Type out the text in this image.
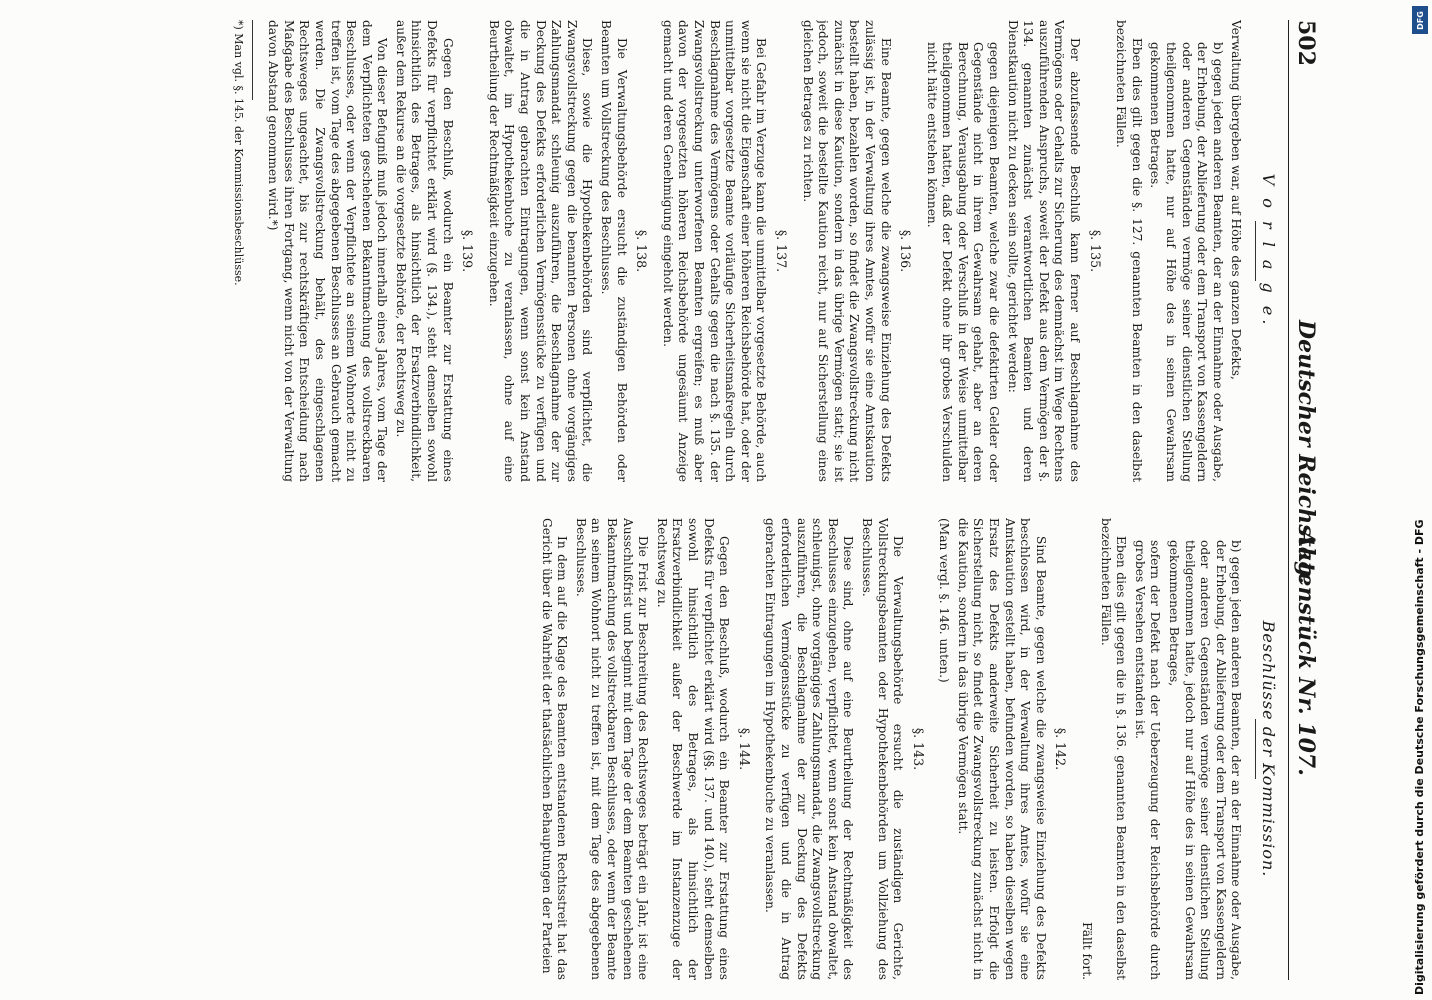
502
Deutscher Reichstag.
Aktenstück Nr. 107.
V o r l a g e.

Verwaltung übergeben war, auf Höhe des ganzen Defekts,

b) gegen jeden anderen Beamten, der an der Einnahme oder Ausgabe, der Erhebung, der Ablieferung oder dem Transport von Kassengeldern oder anderen Gegenständen vermöge seiner dienstlichen Stellung theilgenommen hatte, nur auf Höhe des in seinen Gewahrsam gekommenen Betrages.

Eben dies gilt gegen die §. 127. genannten Beamten in den daselbst bezeichneten Fällen.

§. 135.

Der abzufassende Beschluß kann ferner auf Beschlagnahme des Vermögens oder Gehalts zur Sicherung des demnächst im Wege Rechtens auszuführenden Anspruchs, soweit der Defekt aus dem Vermögen der §. 134. genannten zunächst verantwortlichen Beamten und deren Dienstkaution nicht zu decken sein sollte, gerichtet werden:

gegen diejenigen Beamten, welche zwar die defektirten Gelder oder Gegenstände nicht in ihrem Gewahrsam gehabt, aber an deren Berechnung, Verausgabung oder Verschluß in der Weise unmittelbar theilgenommen hatten, daß der Defekt ohne ihr grobes Verschulden nicht hätte entstehen können.

§. 136.

Eine Beamte, gegen welche die zwangsweise Einziehung des Defekts zulässig ist, in der Verwaltung ihres Amtes, wofür sie eine Amtskaution bestellt haben, bezahlen worden, so findet die Zwangsvollstreckung nicht zunächst in diese Kaution, sondern in das übrige Vermögen statt; sie ist jedoch, soweit die bestellte Kaution reicht, nur auf Sicherstellung eines gleichen Betrages zu richten.

§. 137.

Bei Gefahr im Verzuge kann die unmittelbar vorgesetzte Behörde, auch wenn sie nicht die Eigenschaft einer höheren Reichsbehörde hat, oder der unmittelbar vorgesetzte Beamte vorläufige Sicherheitsmaßregeln durch Beschlagnahme des Vermögens oder Gehalts gegen die nach §. 135. der Zwangsvollstreckung unterworfenen Beamten ergreifen; es muß aber davon der vorgesetzten höheren Reichsbehörde ungesäumt Anzeige gemacht und deren Genehmigung eingeholt werden.

§. 138.

Die Verwaltungsbehörde ersucht die zuständigen Behörden oder Beamten um Vollstreckung des Beschlusses.

Diese, sowie die Hypothekenbehörden sind verpflichtet, die Zwangsvollstreckung gegen die benannten Personen ohne vorgängiges Zahlungsmandat schleunig auszuführen, die Beschlagnahme der zur Deckung des Defekts erforderlichen Vermögensstücke zu verfügen und die in Antrag gebrachten Eintragungen, wenn sonst kein Anstand obwaltet, im Hypothekenbuche zu veranlassen, ohne auf eine Beurtheilung der Rechtmäßigkeit einzugehen.

§. 139.

Gegen den Beschluß, wodurch ein Beamter zur Erstattung eines Defekts für verpflichtet erklärt wird (§. 134.), steht demselben sowohl hinsichtlich des Betrages, als hinsichtlich der Ersatzverbindlichkeit, außer dem Rekurse an die vorgesetzte Behörde, der Rechtsweg zu.

Von dieser Befugniß muß jedoch innerhalb eines Jahres, vom Tage der dem Verpflichteten geschehenen Bekanntmachung des vollstreckbaren Beschlusses, oder wenn der Verpflichtete an seinem Wohnorte nicht zu treffen ist, vom Tage des abgegebenen Beschlusses an Gebrauch gemacht werden. Die Zwangsvollstreckung behält, des eingeschlagenen Rechtsweges ungeachtet, bis zur rechtskräftigen Entscheidung nach Maßgabe des Beschlusses ihren Fortgang, wenn nicht von der Verwaltung davon Abstand genommen wird.*)

*) Man vgl. §. 145. der Kommissionsbeschlüsse.

Beschlüsse der Kommission.

b) gegen jeden anderen Beamten, der an der Einnahme oder Ausgabe, der Erhebung, der Ablieferung oder dem Transport von Kassengeldern oder anderen Gegenständen vermöge seiner dienstlichen Stellung theilgenommen hatte, jedoch nur auf Höhe des in seinen Gewahrsam gekommenen Betrages,

sofern der Defekt nach der Ueberzeugung der Reichsbehörde durch grobes Versehen entstanden ist.

Eben dies gilt gegen die in §. 136. genannten Beamten in den daselbst bezeichneten Fällen.

Fällt fort.

§. 142.

Sind Beamte, gegen welche die zwangsweise Einziehung des Defekts beschlossen wird, in der Verwaltung ihres Amtes, wofür sie eine Amtskaution gestellt haben, befunden worden, so haben dieselben wegen Ersatz des Defekts anderweite Sicherheit zu leisten. Erfolgt die Sicherstellung nicht, so findet die Zwangsvollstreckung zunächst nicht in die Kaution, sondern in das übrige Vermögen statt.

(Man vergl. §. 146. unten.)

§. 143.

Die Verwaltungsbehörde ersucht die zuständigen Gerichte, Vollstreckungsbeamten oder Hypothekenbehörden um Vollziehung des Beschlusses.

Diese sind, ohne auf eine Beurtheilung der Rechtmäßigkeit des Beschlusses einzugehen, verpflichtet, wenn sonst kein Anstand obwaltet, schleunigst, ohne vorgängiges Zahlungsmandat, die Zwangsvollstreckung auszuführen, die Beschlagnahme der zur Deckung des Defekts erforderlichen Vermögensstücke zu verfügen und die in Antrag gebrachten Eintragungen im Hypothekenbuche zu veranlassen.

§. 144.

Gegen den Beschluß, wodurch ein Beamter zur Erstattung eines Defekts für verpflichtet erklärt wird (§§. 137. und 140.), steht demselben sowohl hinsichtlich des Betrages, als hinsichtlich der Ersatzverbindlichkeit außer der Beschwerde im Instanzenzuge der Rechtsweg zu.

Die Frist zur Beschreitung des Rechtsweges beträgt ein Jahr, ist eine Ausschlußfrist und beginnt mit dem Tage der dem Beamten geschehenen Bekanntmachung des vollstreckbaren Beschlusses, oder wenn der Beamte an seinem Wohnort nicht zu treffen ist, mit dem Tage des abgegebenen Beschlusses.

In dem auf die Klage des Beamten entstandenen Rechtsstreit hat das Gericht über die Wahrheit der thatsächlichen Behauptungen der Parteien	Digitalisierung gefördert durch die Deutsche Forschungsgemeinschaft - DFG
DFG
